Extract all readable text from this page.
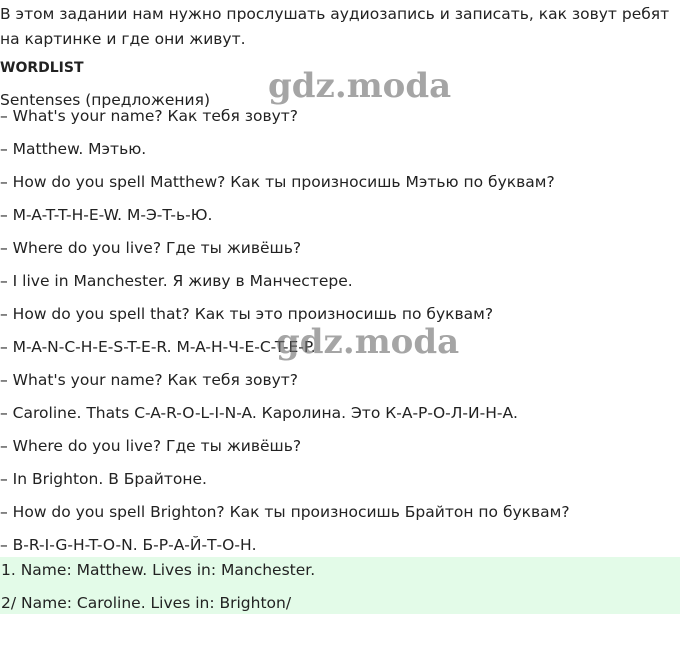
В этом задании нам нужно прослушать аудиозапись и записать, как зовут ребят на картинке и где они живут.
WORDLIST
Sentenses (предложения)
– What's your name? Как тебя зовут?
– Matthew. Мэтью.
– How do you spell Matthew? Как ты произносишь Мэтью по буквам?
– M-A-T-T-H-E-W. M-Э-T-ь-Ю.
– Where do you live? Где ты живёшь?
– I live in Manchester. Я живу в Манчестере.
– How do you spell that? Как ты это произносишь по буквам?
– M-A-N-C-H-E-S-T-E-R. M-A-H-Ч-E-C-T-E-P.
– What's your name? Как тебя зовут?
– Caroline. Thats C-A-R-O-L-I-N-A. Каролина. Это К-А-Р-О-Л-И-Н-А.
– Where do you live? Где ты живёшь?
– In Brighton. В Брайтоне.
– How do you spell Brighton? Как ты произносишь Брайтон по буквам?
– B-R-I-G-H-T-O-N. Б-Р-А-Й-Т-О-Н.
1. Name: Matthew. Lives in: Manchester.
2/ Name: Caroline. Lives in: Brighton/
gdz.moda
gdz.moda
